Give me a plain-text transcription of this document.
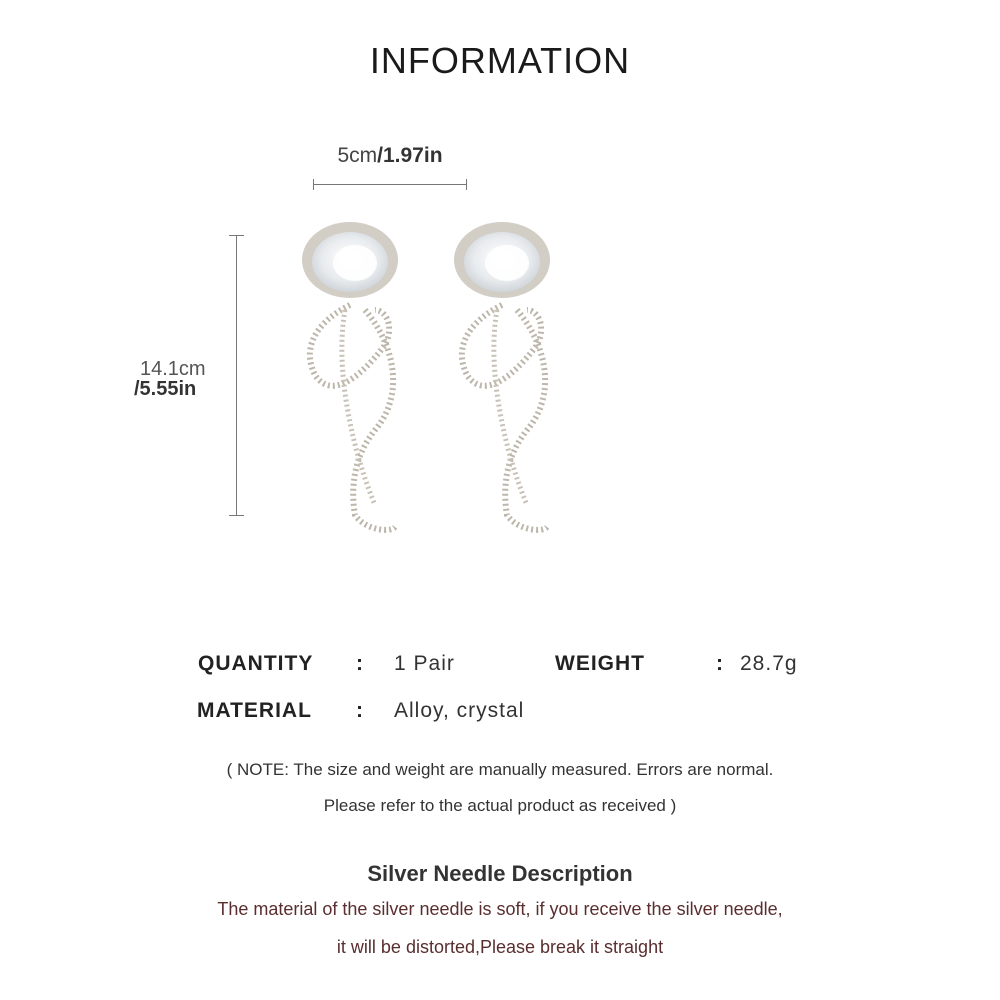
INFORMATION
5cm/1.97in
14.1cm
/5.55in
QUANTITY : 1 Pair	WEIGHT	: 28.7g
MATERIAL : Alloy, crystal
( NOTE: The size and weight are manually measured. Errors are normal.
Please refer to the actual product as received )
Silver Needle Description
The material of the silver needle is soft, if you receive the silver needle,
it will be distorted,Please break it straight
